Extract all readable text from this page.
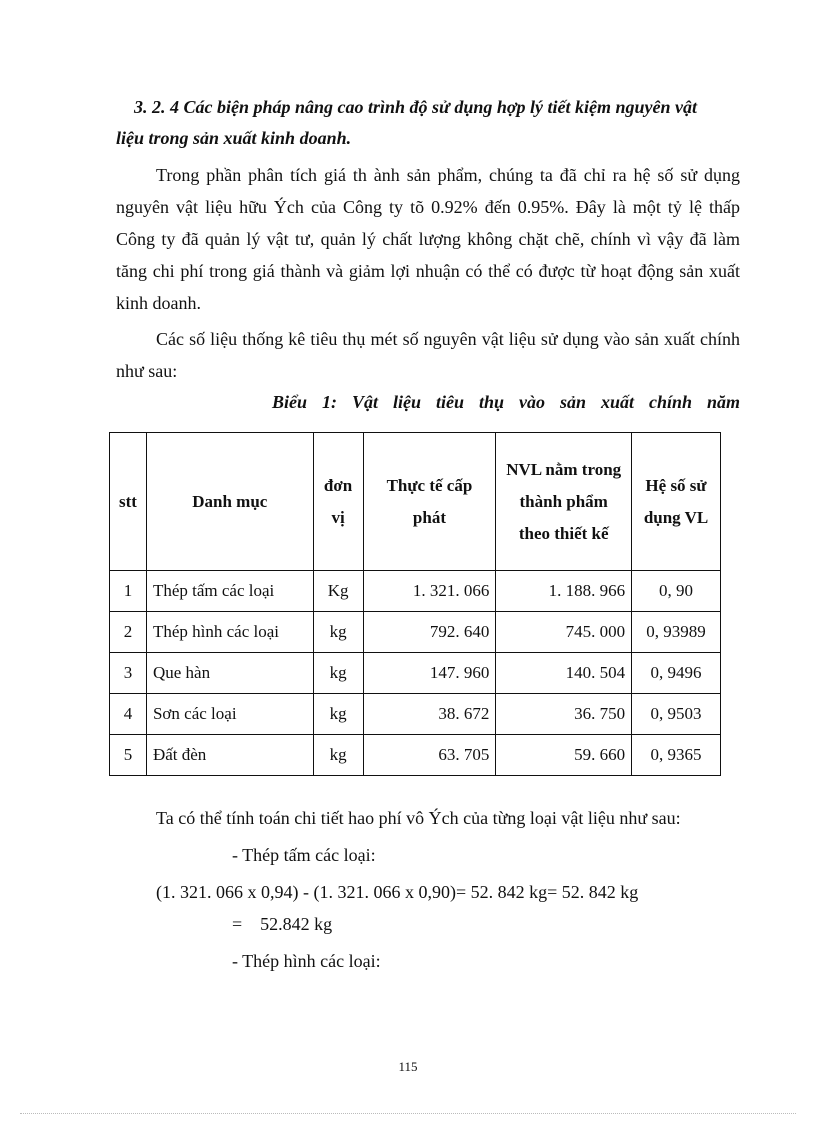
3. 2. 4 Các biện pháp nâng cao trình độ sử dụng hợp lý tiết kiệm nguyên vật
liệu trong sản xuất kinh doanh.

Trong phần phân tích giá th ành sản phẩm, chúng ta đã chỉ ra hệ số sử dụng nguyên vật liệu hữu Ých của Công ty tõ 0.92% đến 0.95%. Đây là một tỷ lệ thấp Công ty đã quản lý vật tư, quản lý chất lượng không chặt chẽ, chính vì vậy đã làm tăng chi phí trong giá thành và giảm lợi nhuận có thể có được từ hoạt động sản xuất kinh doanh.

Các số liệu thống kê tiêu thụ mét số nguyên vật liệu sử dụng vào sản xuất chính như sau:

Biểu 1: Vật liệu tiêu thụ vào sản xuất chính năm

stt	Danh mục	đơn vị	Thực tế cấp phát	NVL nằm trong thành phẩm theo thiết kế	Hệ số sử dụng VL
1	Thép tấm các loại	Kg	1. 321. 066	1. 188. 966	0, 90
2	Thép hình các loại	kg	792. 640	745. 000	0, 93989
3	Que hàn	kg	147. 960	140. 504	0, 9496
4	Sơn các loại	kg	38. 672	36. 750	0, 9503
5	Đất đèn	kg	63. 705	59. 660	0, 9365

Ta có thể tính toán chi tiết hao phí vô Ých của từng loại vật liệu như sau:

- Thép tấm các loại:

(1. 321. 066 x 0,94) - (1. 321. 066 x 0,90)= 52. 842 kg= 52. 842 kg

=    52.842 kg

- Thép hình các loại:

115
